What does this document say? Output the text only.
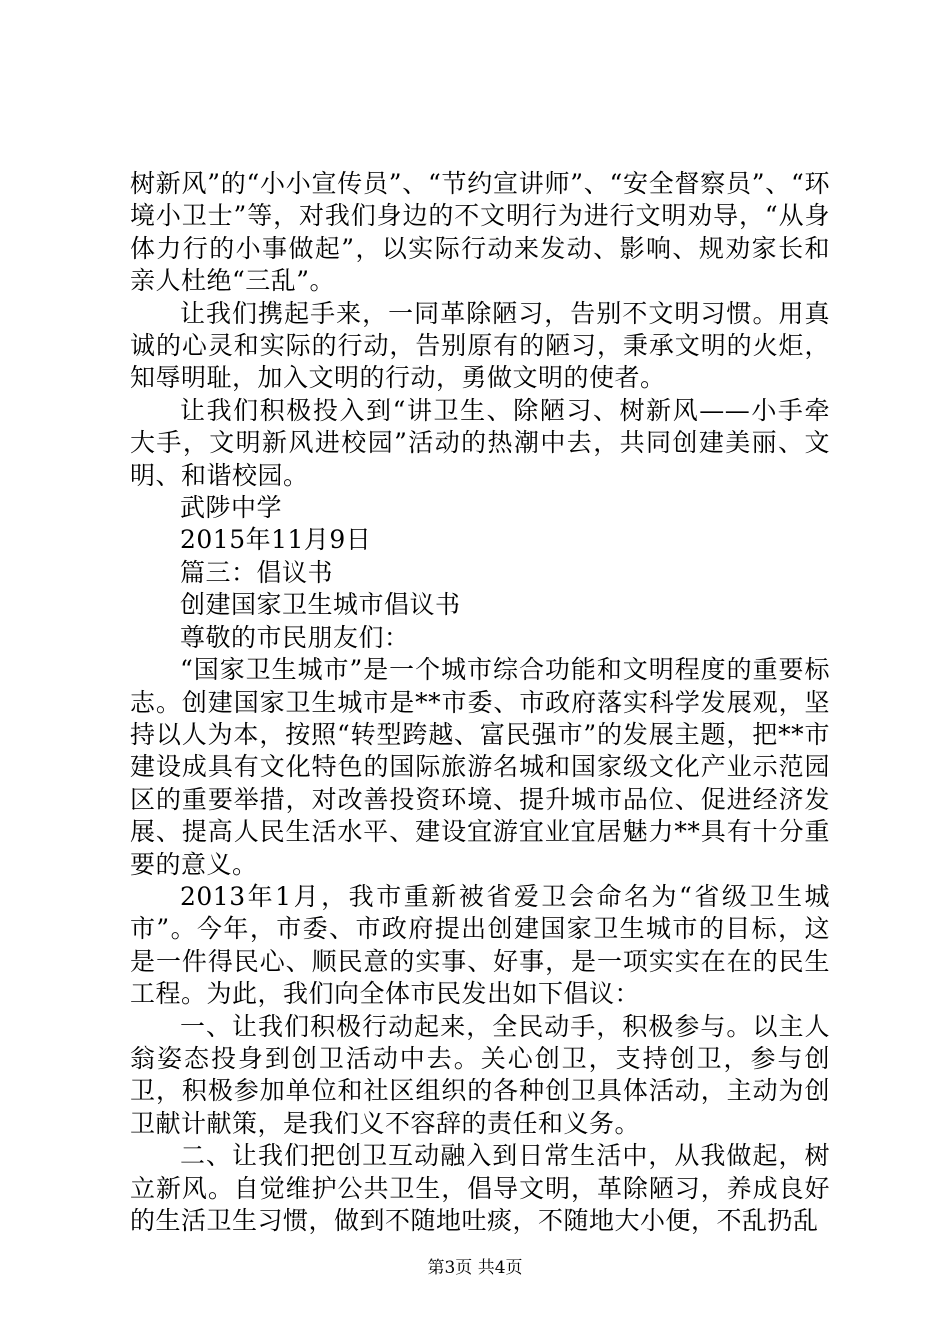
树新风”的“小小宣传员”、“节约宣讲师”、“安全督察员”、“环境小卫士”等，对我们身边的不文明行为进行文明劝导，“从身体力行的小事做起”，以实际行动来发动、影响、规劝家长和亲人杜绝“三乱”。

让我们携起手来，一同革除陋习，告别不文明习惯。用真诚的心灵和实际的行动，告别原有的陋习，秉承文明的火炬，知辱明耻，加入文明的行动，勇做文明的使者。

让我们积极投入到“讲卫生、除陋习、树新风——小手牵大手，文明新风进校园”活动的热潮中去，共同创建美丽、文明、和谐校园。

武陟中学

2015年11月9日

篇三：倡议书

创建国家卫生城市倡议书

尊敬的市民朋友们：

“国家卫生城市”是一个城市综合功能和文明程度的重要标志。创建国家卫生城市是**市委、市政府落实科学发展观，坚持以人为本，按照“转型跨越、富民强市”的发展主题，把**市建设成具有文化特色的国际旅游名城和国家级文化产业示范园区的重要举措，对改善投资环境、提升城市品位、促进经济发展、提高人民生活水平、建设宜游宜业宜居魅力**具有十分重要的意义。

2013年1月，我市重新被省爱卫会命名为“省级卫生城市”。今年，市委、市政府提出创建国家卫生城市的目标，这是一件得民心、顺民意的实事、好事，是一项实实在在的民生工程。为此，我们向全体市民发出如下倡议：

一、让我们积极行动起来，全民动手，积极参与。以主人翁姿态投身到创卫活动中去。关心创卫，支持创卫，参与创卫，积极参加单位和社区组织的各种创卫具体活动，主动为创卫献计献策，是我们义不容辞的责任和义务。

二、让我们把创卫互动融入到日常生活中，从我做起，树立新风。自觉维护公共卫生，倡导文明，革除陋习，养成良好的生活卫生习惯，做到不随地吐痰，不随地大小便，不乱扔乱

第3页 共4页
